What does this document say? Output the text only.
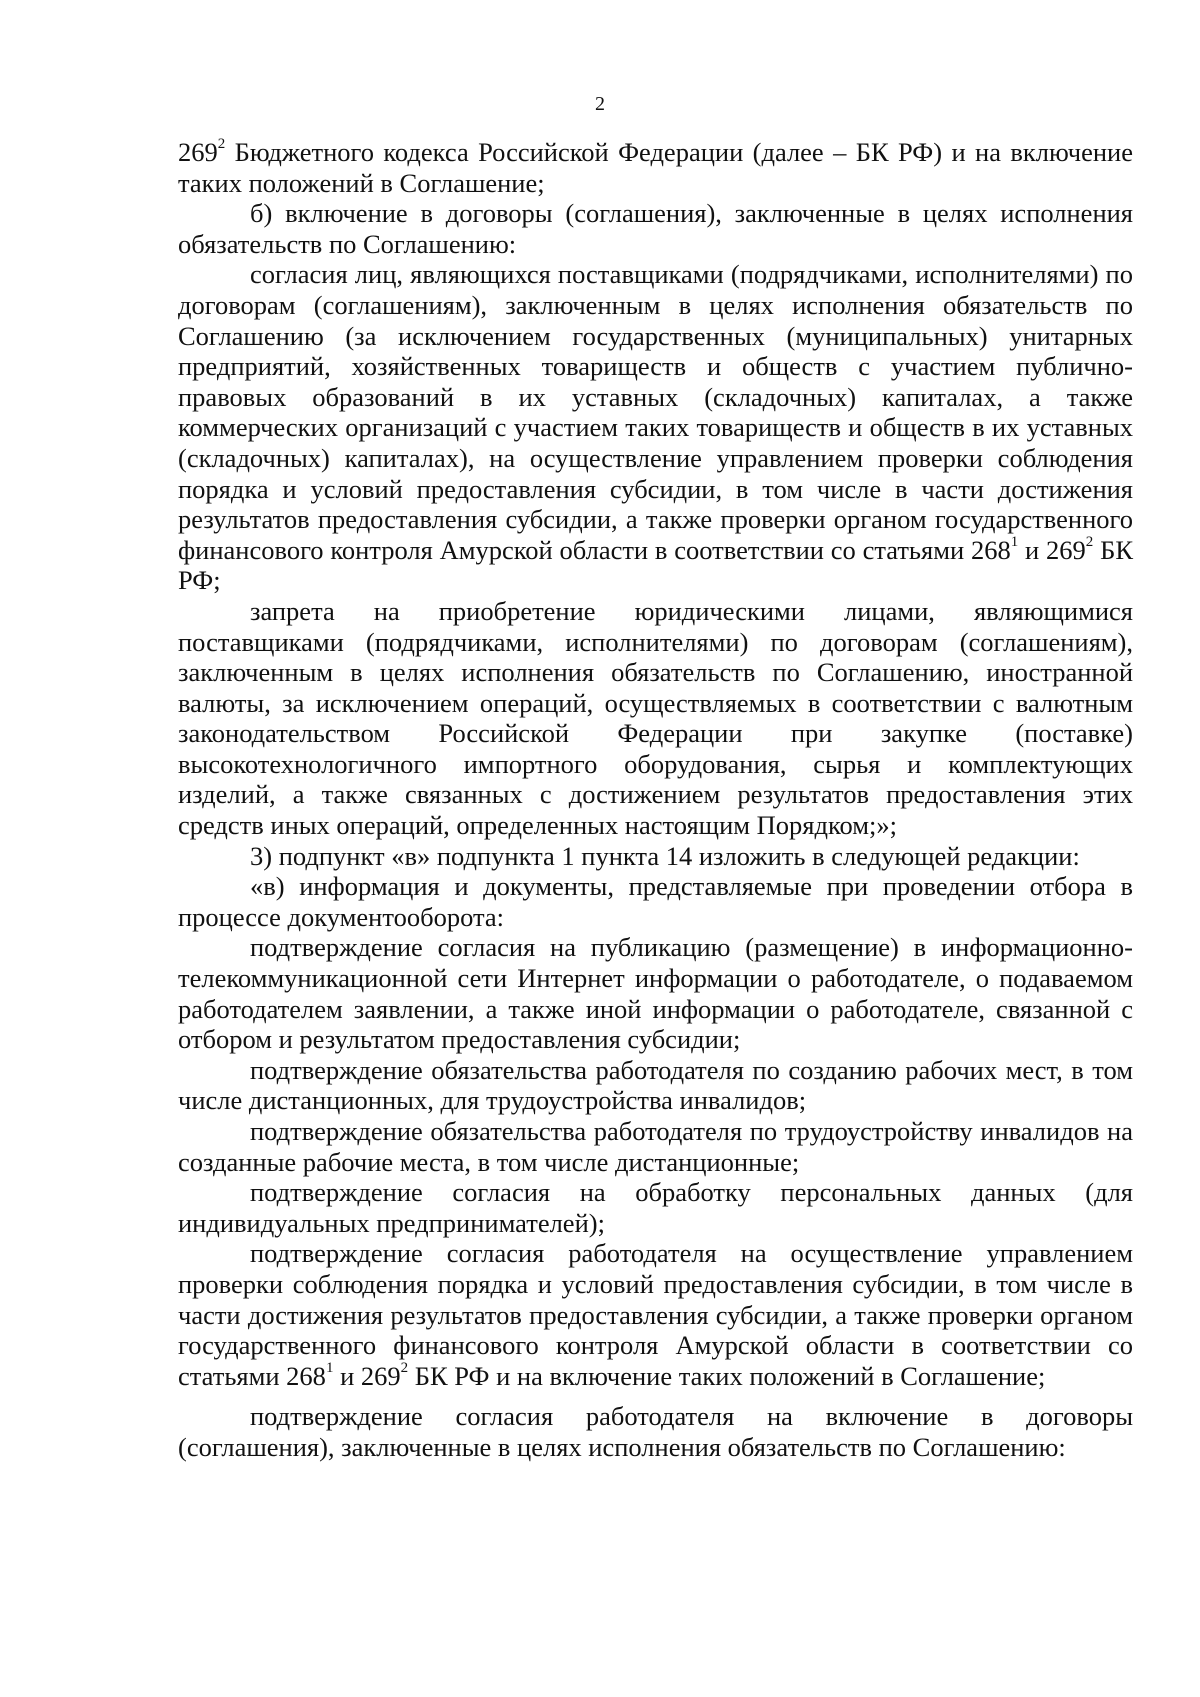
2

$269^2$ Бюджетного кодекса Российской Федерации (далее – БК РФ) и на включение таких положений в Соглашение;

б) включение в договоры (соглашения), заключенные в целях исполнения обязательств по Соглашению:

согласия лиц, являющихся поставщиками (подрядчиками, исполнителями) по договорам (соглашениям), заключенным в целях исполнения обязательств по Соглашению (за исключением государственных (муниципальных) унитарных предприятий, хозяйственных товариществ и обществ с участием публично-правовых образований в их уставных (складочных) капиталах, а также коммерческих организаций с участием таких товариществ и обществ в их уставных (складочных) капиталах), на осуществление управлением проверки соблюдения порядка и условий предоставления субсидии, в том числе в части достижения результатов предоставления субсидии, а также проверки органом государственного финансового контроля Амурской области в соответствии со статьями $268^1$ и $269^2$ БК РФ;

запрета на приобретение юридическими лицами, являющимися поставщиками (подрядчиками, исполнителями) по договорам (соглашениям), заключенным в целях исполнения обязательств по Соглашению, иностранной валюты, за исключением операций, осуществляемых в соответствии с валютным законодательством Российской Федерации при закупке (поставке) высокотехнологичного импортного оборудования, сырья и комплектующих изделий, а также связанных с достижением результатов предоставления этих средств иных операций, определенных настоящим Порядком;»;

3) подпункт «в» подпункта 1 пункта 14 изложить в следующей редакции:

«в) информация и документы, представляемые при проведении отбора в процессе документооборота:

подтверждение согласия на публикацию (размещение) в информационно-телекоммуникационной сети Интернет информации о работодателе, о подаваемом работодателем заявлении, а также иной информации о работодателе, связанной с отбором и результатом предоставления субсидии;

подтверждение обязательства работодателя по созданию рабочих мест, в том числе дистанционных, для трудоустройства инвалидов;

подтверждение обязательства работодателя по трудоустройству инвалидов на созданные рабочие места, в том числе дистанционные;

подтверждение согласия на обработку персональных данных (для индивидуальных предпринимателей);

подтверждение согласия работодателя на осуществление управлением проверки соблюдения порядка и условий предоставления субсидии, в том числе в части достижения результатов предоставления субсидии, а также проверки органом государственного финансового контроля Амурской области в соответствии со статьями $268^1$ и $269^2$ БК РФ и на включение таких положений в Соглашение;

подтверждение согласия работодателя на включение в договоры (соглашения), заключенные в целях исполнения обязательств по Соглашению:
